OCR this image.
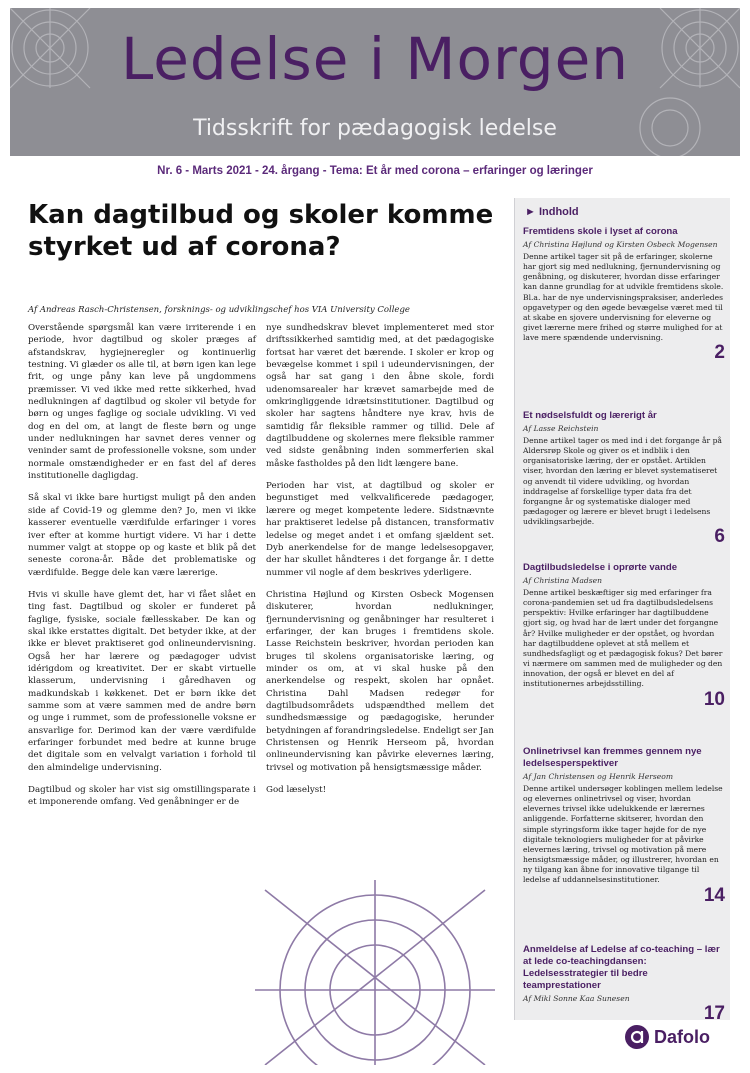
Ledelse i Morgen
Tidsskrift for pædagogisk ledelse
Nr. 6 - Marts 2021 - 24. årgang - Tema: Et år med corona – erfaringer og læringer
Kan dagtilbud og skoler komme styrket ud af corona?
Af Andreas Rasch-Christensen, forsknings- og udviklingschef hos VIA University College

Overstående spørgsmål kan være irriterende i en periode, hvor dagtilbud og skoler præges af afstandskrav, hygiejneregler og kontinuerlig testning. Vi glæder os alle til, at børn igen kan lege frit, og unge påny kan leve på ungdommens præmisser. Vi ved ikke med rette sikkerhed, hvad nedlukningen af dagtilbud og skoler vil betyde for børn og unges faglige og sociale udvikling. Vi ved dog en del om, at langt de fleste børn og unge under nedlukningen har savnet deres venner og veninder samt de professionelle voksne, som under normale omstændigheder er en fast del af deres institutionelle dagligdag.

Så skal vi ikke bare hurtigst muligt på den anden side af Covid-19 og glemme den? Jo, men vi ikke kasserer eventuelle værdifulde erfaringer i vores iver efter at komme hurtigt videre. Vi har i dette nummer valgt at stoppe op og kaste et blik på det seneste corona-år. Både det problematiske og værdifulde. Begge dele kan være lærerige.

Hvis vi skulle have glemt det, har vi fået slået en ting fast. Dagtilbud og skoler er funderet på faglige, fysiske, sociale fællesskaber. De kan og skal ikke erstattes digitalt. Det betyder ikke, at der ikke er blevet praktiseret god onlineundervisning. Også her har lærere og pædagoger udvist idérigdom og kreativitet. Der er skabt virtuelle klasserum, undervisning i gåredhaven og madkundskab i køkkenet. Det er børn ikke det samme som at være sammen med de andre børn og unge i rummet, som de professionelle voksne er ansvarlige for. Derimod kan der være værdifulde erfaringer forbundet med bedre at kunne bruge det digitale som en velvalgt variation i forhold til den almindelige undervisning.

Dagtilbud og skoler har vist sig omstillingsparate i et imponerende omfang. Ved genåbninger er de

nye sundhedskrav blevet implementeret med stor driftssikkerhed samtidig med, at det pædagogiske fortsat har været det bærende. I skoler er krop og bevægelse kommet i spil i udeundervisningen, der også har sat gang i den åbne skole, fordi udenomsarealer har krævet samarbejde med de omkringliggende idrætsinstitutioner. Dagtilbud og skoler har sagtens håndtere nye krav, hvis de samtidig får fleksible rammer og tillid. Dele af dagtilbuddene og skolernes mere fleksible rammer ved sidste genåbning inden sommerferien skal måske fastholdes på den lidt længere bane.

Perioden har vist, at dagtilbud og skoler er begunstiget med velkvalificerede pædagoger, lærere og meget kompetente ledere. Sidstnævnte har praktiseret ledelse på distancen, transformativ ledelse og meget andet i et omfang sjældent set. Dyb anerkendelse for de mange ledelsesopgaver, der har skullet håndteres i det forgange år. I dette nummer vil nogle af dem beskrives yderligere.

Christina Højlund og Kirsten Osbeck Mogensen diskuterer, hvordan nedlukninger, fjernundervisning og genåbninger har resulteret i erfaringer, der kan bruges i fremtidens skole. Lasse Reichstein beskriver, hvordan perioden kan bruges til skolens organisatoriske læring, og minder os om, at vi skal huske på den anerkendelse og respekt, skolen har opnået. Christina Dahl Madsen redegør for dagtilbudsområdets udspændthed mellem det sundhedsmæssige og pædagogiske, herunder betydningen af forandringsledelse. Endeligt ser Jan Christensen og Henrik Herseom på, hvordan onlineundervisning kan påvirke elevernes læring, trivsel og motivation på hensigtsmæssige måder.

God læselyst!

► Indhold
Fremtidens skole i lyset af corona
Af Christina Højlund og Kirsten Osbeck Mogensen
Denne artikel tager sit på de erfaringer, skolerne har gjort sig med nedlukning, fjernundervisning og genåbning, og diskuterer, hvordan disse erfaringer kan danne grundlag for at udvikle fremtidens skole. Bl.a. har de nye undervisningspraksiser, anderledes opgavetyper og den øgede bevægelse været med til at skabe en sjovere undervisning for eleverne og givet lærerne mere frihed og større mulighed for at lave mere spændende undervisning.
2
Et nødselsfuldt og lærerigt år
Af Lasse Reichstein
Denne artikel tager os med ind i det forgange år på Aldersrøp Skole og giver os et indblik i den organisatoriske læring, der er opstået. Artiklen viser, hvordan den læring er blevet systematiseret og anvendt til videre udvikling, og hvordan inddragelse af forskellige typer data fra det forgangne år og systematiske dialoger med pædagoger og lærere er blevet brugt i ledelsens udviklingsarbejde.
6
Dagtilbudsledelse i oprørte vande
Af Christina Madsen
Denne artikel beskæftiger sig med erfaringer fra corona-pandemien set ud fra dagtilbudsledelsens perspektiv: Hvilke erfaringer har dagtilbuddene gjort sig, og hvad har de lært under det forgangne år? Hvilke muligheder er der opstået, og hvordan har dagtilbuddene oplevet at stå mellem et sundhedsfagligt og et pædagogisk fokus? Det bører vi nærmere om sammen med de muligheder og den innovation, der også er blevet en del af institutionernes arbejdsstilling.
10
Onlinetrivsel kan fremmes gennem nye ledelsesperspektiver
Af Jan Christensen og Henrik Herseom
Denne artikel undersøger koblingen mellem ledelse og elevernes onlinetrivsel og viser, hvordan elevernes trivsel ikke udelukkende er lærernes anliggende. Forfatterne skitserer, hvordan den simple styringsform ikke tager højde for de nye digitale teknologiers muligheder for at påvirke elevernes læring, trivsel og motivation på mere hensigtsmæssige måder, og illustrerer, hvordan en ny tilgang kan åbne for innovative tilgange til ledelse af uddannelsesinstitutioner.
14
Anmeldelse af Ledelse af co-teaching – lær at lede co-teachingdansen: Ledelsesstrategier til bedre teamprestationer
Af Mikl Sonne Kaa Sunesen
17
Dafolo
